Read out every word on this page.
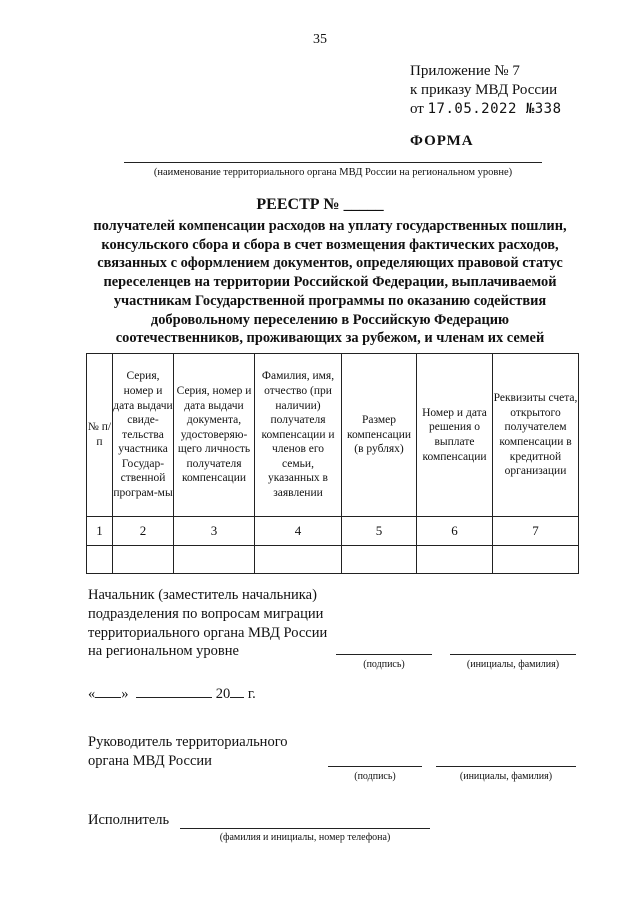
35
Приложение № 7
к приказу МВД России
от 17.05.2022 №338
ФОРМА
(наименование территориального органа МВД России на региональном уровне)
РЕЕСТР № _____
получателей компенсации расходов на уплату государственных пошлин,
консульского сбора и сбора в счет возмещения фактических расходов,
связанных с оформлением документов, определяющих правовой статус
переселенцев на территории Российской Федерации, выплачиваемой
участникам Государственной программы по оказанию содействия
добровольному переселению в Российскую Федерацию
соотечественников, проживающих за рубежом, и членам их семей
№ п/п	Серия, номер и дата выдачи свиде-тельства участника Государ-ственной програм-мы	Серия, номер и дата выдачи документа, удостоверяю-щего личность получателя компенсации	Фамилия, имя, отчество (при наличии) получателя компенсации и членов его семьи, указанных в заявлении	Размер компенсации (в рублях)	Номер и дата решения о выплате компенсации	Реквизиты счета, открытого получателем компенсации в кредитной организации
1	2	3	4	5	6	7

Начальник (заместитель начальника)
подразделения по вопросам миграции
территориального органа МВД России
на региональном уровне
(подпись)	(инициалы, фамилия)
« »	20 г.
Руководитель территориального
органа МВД России
(подпись)	(инициалы, фамилия)
Исполнитель
(фамилия и инициалы, номер телефона)
